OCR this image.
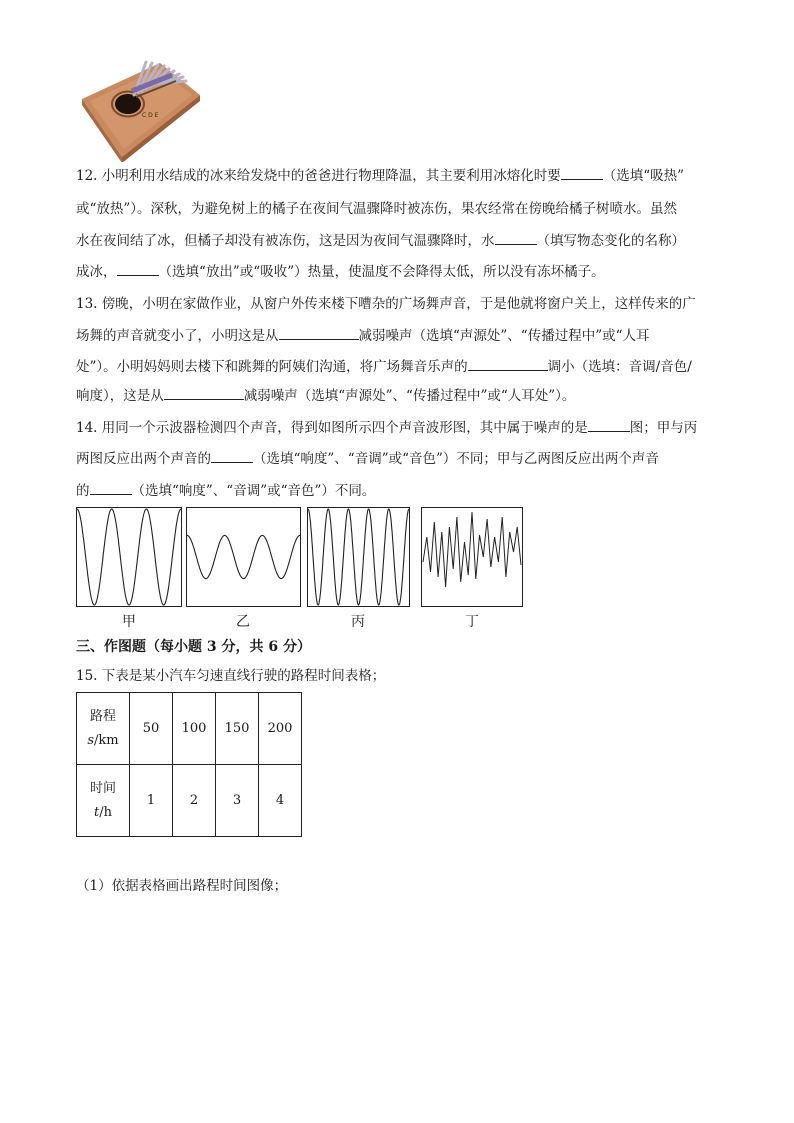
C D E
12. 小明利用水结成的冰来给发烧中的爸爸进行物理降温，其主要利用冰熔化时要	（选填“吸热”
或“放热”）。深秋，为避免树上的橘子在夜间气温骤降时被冻伤，果农经常在傍晚给橘子树喷水。虽然
水在夜间结了冰，但橘子却没有被冻伤，这是因为夜间气温骤降时，水	（填写物态变化的名称）
成冰，	（选填“放出”或“吸收”）热量，使温度不会降得太低，所以没有冻坏橘子。
13. 傍晚，小明在家做作业，从窗户外传来楼下嘈杂的广场舞声音，于是他就将窗户关上，这样传来的广
场舞的声音就变小了，小明这是从	减弱噪声（选填“声源处”、“传播过程中”或“人耳
处”）。小明妈妈则去楼下和跳舞的阿姨们沟通，将广场舞音乐声的	调小（选填：音调/音色/
响度），这是从	减弱噪声（选填“声源处”、“传播过程中”或“人耳处”）。
14. 用同一个示波器检测四个声音，得到如图所示四个声音波形图，其中属于噪声的是	图；甲与丙
两图反应出两个声音的	（选填“响度”、“音调”或“音色”）不同；甲与乙两图反应出两个声音
的	（选填“响度”、“音调”或“音色”）不同。
甲	乙	丙	丁
三、作图题（每小题 3 分，共 6 分）
15. 下表是某小汽车匀速直线行驶的路程时间表格；
路程
s/km	50	100	150	200

时间
t/h	1	2	3	4
（1）依据表格画出路程时间图像；
